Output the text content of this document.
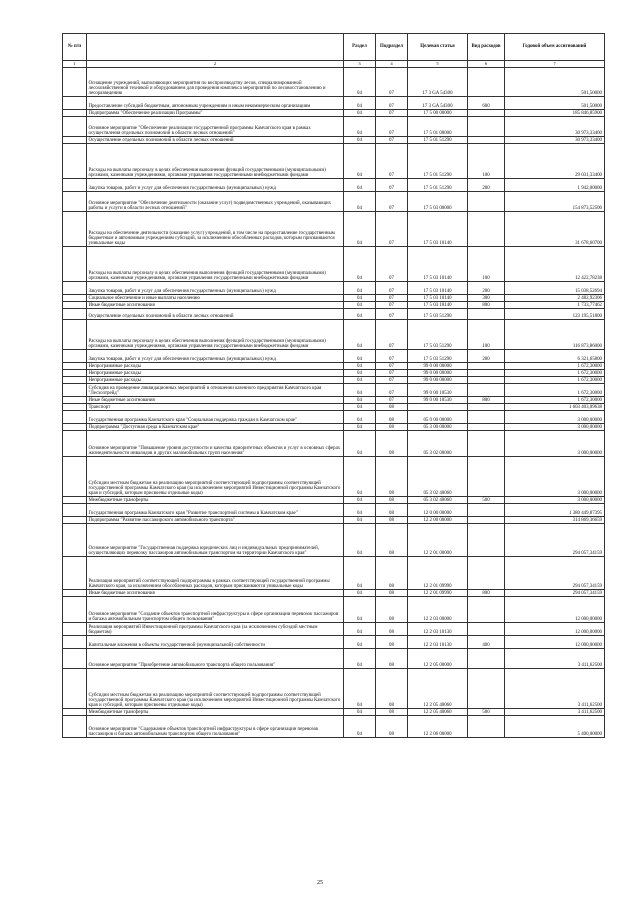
№ п/п		Раздел	Подраздел	Целевая статья	Вид расходов	Годовой объем ассигнований
1	2	3	4	5	6	7
	Оснащение учреждений, выполняющих мероприятия по воспроизводству лесов, специализированной лесохозяйственной техникой и оборудованием для проведения комплекса мероприятий по лесовосстановлению и лесоразведению	04	07	17 3 GA 54300		501,50000
	Предоставление субсидий бюджетным, автономным учреждениям и иным некоммерческим организациям	04	07	17 3 GA 54300	600	501,50000
	Подпрограмма "Обеспечение реализации Программы"	04	07	17 5 00 00000		185 846,85900
	Основное мероприятие "Обеспечение реализации государственной программы Камчатского края в рамках осуществления отдельных полномочий в области лесных отношений"	04	07	17 5 01 00000		30 973,33400
	Осуществление отдельных полномочий в области лесных отношений	04	07	17 5 01 51290		30 973,33400
	Расходы на выплаты персоналу в целях обеспечения выполнения функций государственными (муниципальными) органами, казенными учреждениями, органами управления государственными внебюджетными фондами	04	07	17 5 01 51290	100	29 031,33400
	Закупка товаров, работ и услуг для обеспечения государственных (муниципальных) нужд	04	07	17 5 01 51290	200	1 942,00000
	Основное мероприятие "Обеспечение деятельности (оказание услуг) подведомственных учреждений, оказывающих работы и услуги в области лесных отношений"	04	07	17 5 03 00000		154 873,52500
	Расходы на обеспечение деятельности (оказание услуг) учреждений, в том числе на предоставление государственным бюджетным и автономным учреждениям субсидий, за исключением обособленных расходов, которым присваиваются уникальные коды	04	07	17 5 03 10140		31 678,60700
	Расходы на выплаты персоналу в целях обеспечения выполнения функций государственными (муниципальными) органами, казенными учреждениями, органами управления государственными внебюджетными фондами	04	07	17 5 03 10140	100	12 422,78238
	Закупка товаров, работ и услуг для обеспечения государственных (муниципальных) нужд	04	07	17 5 03 10140	200	15 038,52694
	Социальное обеспечение и иные выплаты населению	04	07	17 5 03 10140	300	2 482,92306
	Иные бюджетные ассигнования	04	07	17 5 03 10140	800	1 733,77462
	Осуществление отдельных полномочий в области лесных отношений	04	07	17 5 03 51290		123 195,51800
	Расходы на выплаты персоналу в целях обеспечения выполнения функций государственными (муниципальными) органами, казенными учреждениями, органами управления государственными внебюджетными фондами	04	07	17 5 03 51290	100	116 873,86000
	Закупка товаров, работ и услуг для обеспечения государственных (муниципальных) нужд	04	07	17 5 03 51290	200	6 321,65800
	Непрограммные расходы	04	07	99 0 00 00000		1 672,30000
	Непрограммные расходы	04	07	99 0 00 00000		1 672,30000
	Непрограммные расходы	04	07	99 0 00 00000		1 672,30000
	Субсидия на проведение ликвидационных мероприятий и отношении казенного предприятия Камчатского края "Лесхозтрейд"	04	07	99 0 00 10530		1 672,30000
	Иные бюджетные ассигнования	04	07	99 0 00 10530	800	1 672,30000
	Транспорт	04	08			1 603 403,09638
	Государственная программа Камчатского края "Социальная поддержка граждан в Камчатском крае"	04	08	05 0 00 00000		3 000,00000
	Подпрограмма "Доступная среда в Камчатском крае"	04	08	05 3 00 00000		3 000,00000
	Основное мероприятие "Повышение уровня доступности и качества приоритетных объектов и услуг в основных сферах жизнедеятельности инвалидов и других маломобильных групп населения"	04	08	05 3 02 00000		3 000,00000
	Субсидии местным бюджетам на реализацию мероприятий соответствующей подпрограммы соответствующей государственной программы Камчатского края (за исключением мероприятий Инвестиционной программы Камчатского края и субсидий, которым присвоены отдельные коды)	04	08	05 3 02 40060		3 000,00000
	Межбюджетные трансферты	04	08	05 3 02 40060	500	3 000,00000
	Государственная программа Камчатского края "Развитие транспортной системы в Камчатском крае"	04	08	12 0 00 00000		1 380 449,87395
	Подпрограмма "Развитие пассажирского автомобильного транспорта"	04	08	12 2 00 00000		314 869,36659
	Основное мероприятие "Государственная поддержка юридических лиц и индивидуальных предпринимателей, осуществляющих перевозку пассажиров автомобильным транспортом на территории Камчатского края"	04	08	12 2 01 00000		294 057,34159
	Реализация мероприятий соответствующей подпрограммы в рамках соответствующей государственной программы Камчатского края, за исключением обособленных расходов, которым присваиваются уникальные коды	04	08	12 2 01 09990		294 057,34159
	Иные бюджетные ассигнования	04	08	12 2 01 09990	800	294 057,34159
	Основное мероприятие "Создание объектов транспортной инфраструктуры в сфере организации перевозок пассажиров и багажа автомобильным транспортом общего пользования"	04	08	12 2 03 00000		12 000,00000
	Реализация мероприятий Инвестиционной программы Камчатского края (за исключением субсидий местным бюджетам)	04	08	12 2 03 10130		12 000,00000
	Капитальные вложения в объекты государственной (муниципальной) собственности	04	08	12 2 03 10130	400	12 000,00000
	Основное мероприятие "Приобретение автомобильного транспорта общего пользования"	04	08	12 2 05 00000		3 411,62500
	Субсидии местным бюджетам на реализацию мероприятий соответствующей подпрограммы соответствующей государственной программы Камчатского края (за исключением мероприятий Инвестиционной программы Камчатского края и субсидий, которым присвоены отдельные коды)	04	08	12 2 05 40060		3 411,62500
	Межбюджетные трансферты	04	08	12 2 05 40060	500	3 411,62500
	Основное мероприятие "Содержание объектов транспортной инфраструктуры в сфере организации перевозок пассажиров и багажа автомобильным транспортом общего пользования"	04	08	12 2 06 00000		5 400,00000
25
